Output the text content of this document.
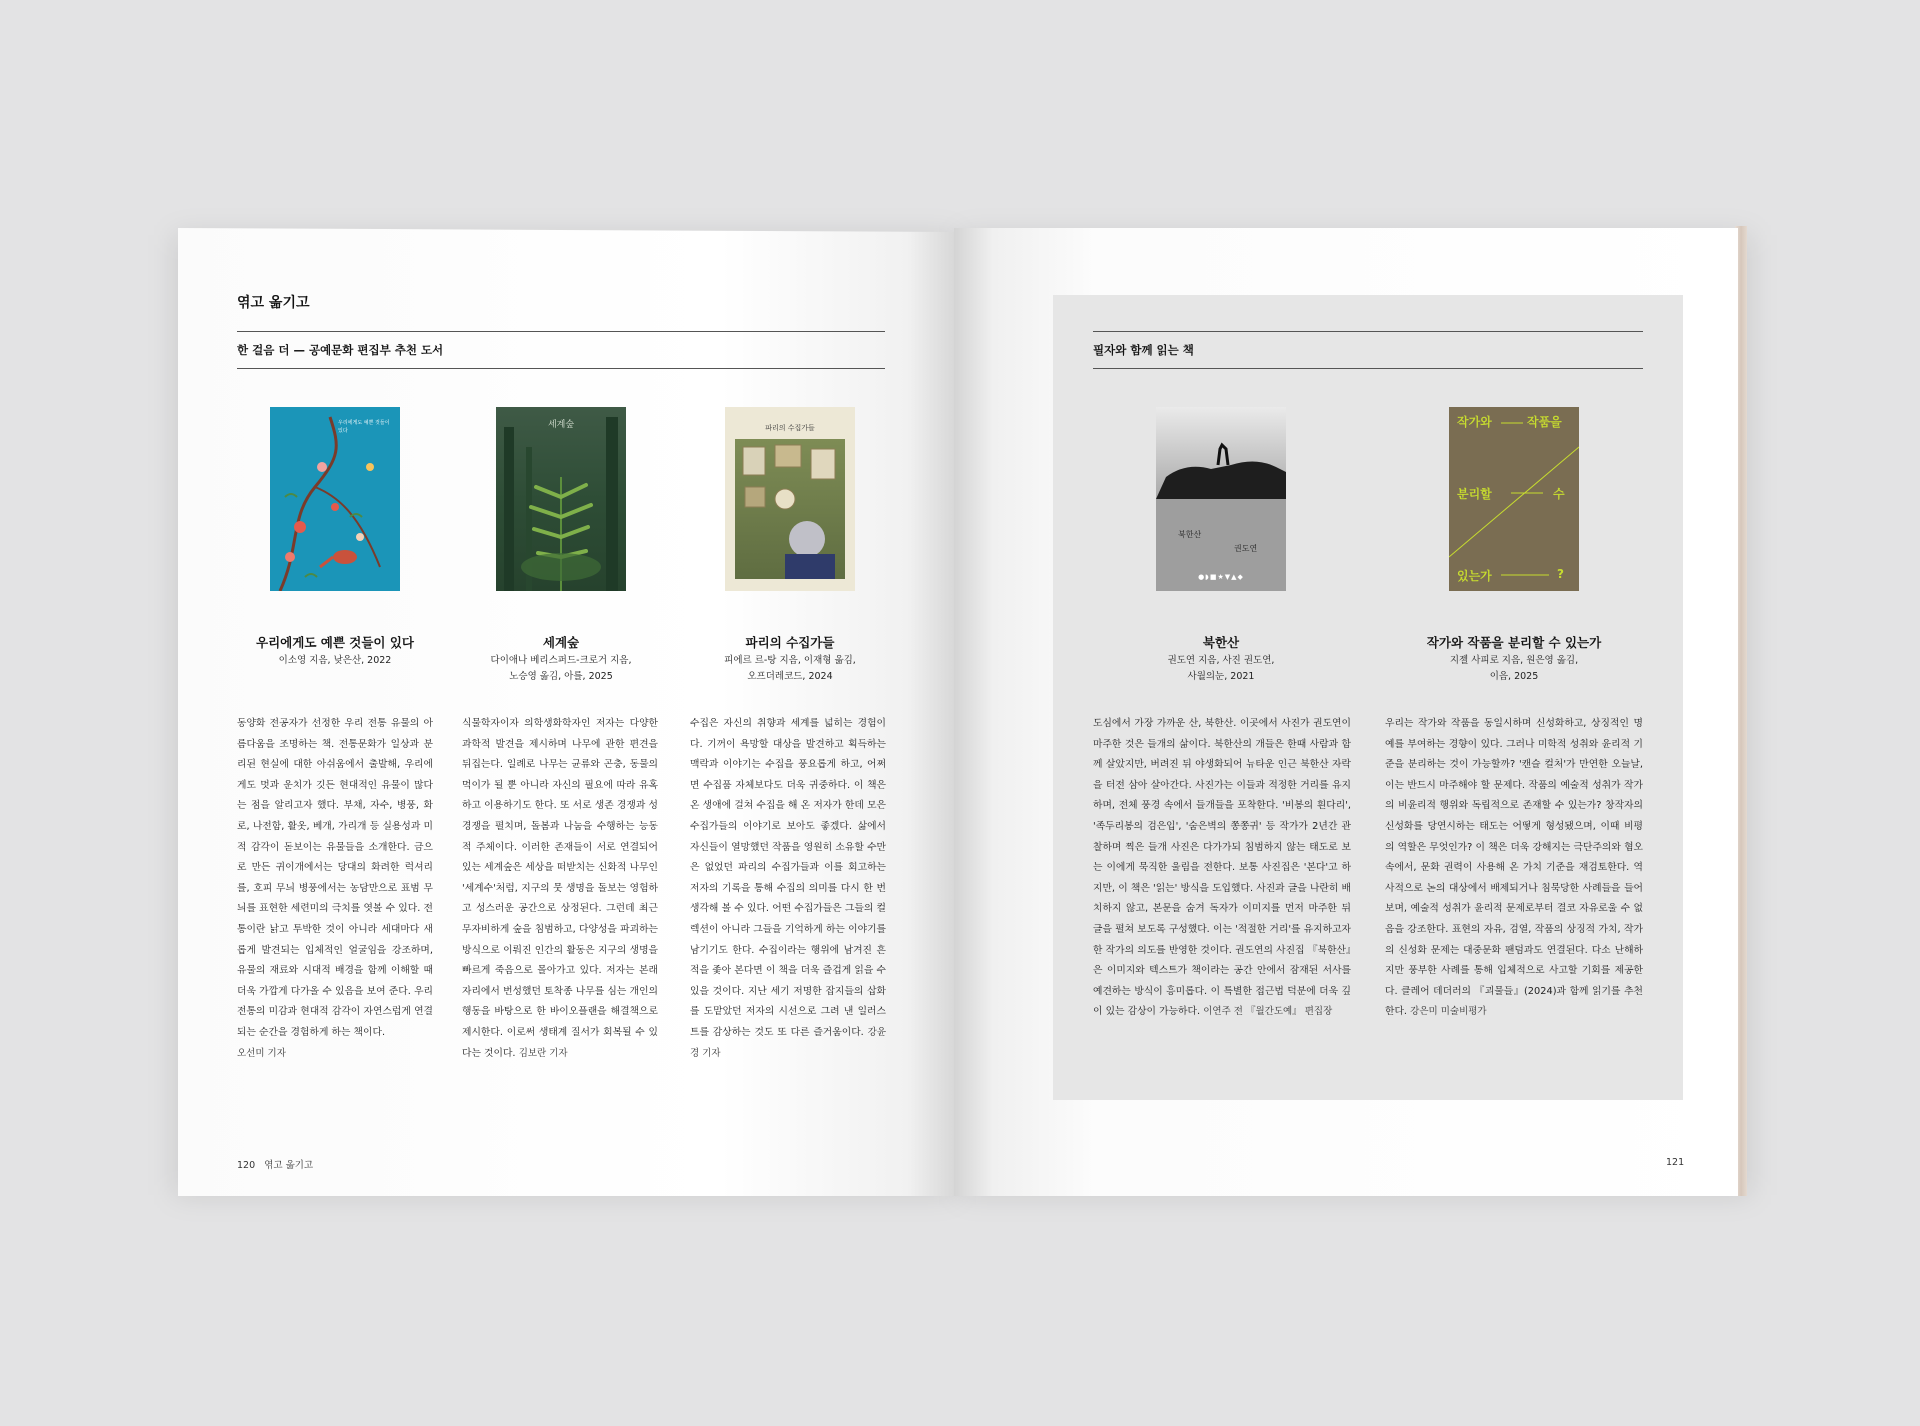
엮고 옮기고
한 걸음 더 — 공예문화 편집부 추천 도서
우리에게도 예쁜 것들이 있다
세계숲	파리의 수집가들
우리에게도 예쁜 것들이 있다
이소영 지음, 낮은산, 2022
세계숲
다이애나 베리스퍼드-크로거 지음,
노승영 옮김, 아를, 2025
파리의 수집가들
피에르 르-탕 지음, 이재형 옮김,
오프더레코드, 2024
동양화 전공자가 선정한 우리 전통 유물의 아름다움을 조명하는 책. 전통문화가 일상과 분리된 현실에 대한 아쉬움에서 출발해, 우리에게도 멋과 운치가 깃든 현대적인 유물이 많다는 점을 알리고자 했다. 부채, 자수, 병풍, 화로, 나전함, 활옷, 베개, 가리개 등 실용성과 미적 감각이 돋보이는 유물들을 소개한다. 금으로 만든 귀이개에서는 당대의 화려한 럭셔리를, 호피 무늬 병풍에서는 농담만으로 표범 무늬를 표현한 세련미의 극치를 엿볼 수 있다. 전통이란 낡고 투박한 것이 아니라 세대마다 새롭게 발견되는 입체적인 얼굴임을 강조하며, 유물의 재료와 시대적 배경을 함께 이해할 때 더욱 가깝게 다가올 수 있음을 보여 준다. 우리 전통의 미감과 현대적 감각이 자연스럽게 연결되는 순간을 경험하게 하는 책이다.
오선미 기자
식물학자이자 의학생화학자인 저자는 다양한 과학적 발견을 제시하며 나무에 관한 편견을 뒤집는다. 일례로 나무는 균류와 곤충, 동물의 먹이가 될 뿐 아니라 자신의 필요에 따라 유혹하고 이용하기도 한다. 또 서로 생존 경쟁과 성 경쟁을 펼치며, 돌봄과 나눔을 수행하는 능동적 주체이다. 이러한 존재들이 서로 연결되어 있는 세계숲은 세상을 떠받치는 신화적 나무인 '세계수'처럼, 지구의 뭇 생명을 돌보는 영험하고 성스러운 공간으로 상정된다. 그런데 최근 무자비하게 숲을 침범하고, 다양성을 파괴하는 방식으로 이뤄진 인간의 활동은 지구의 생명을 빠르게 죽음으로 몰아가고 있다. 저자는 본래 자리에서 번성했던 토착종 나무를 심는 개인의 행동을 바탕으로 한 바이오플랜을 해결책으로 제시한다. 이로써 생태계 질서가 회복될 수 있다는 것이다. 김보란 기자
수집은 자신의 취향과 세계를 넓히는 경험이다. 기꺼이 욕망할 대상을 발견하고 획득하는 맥락과 이야기는 수집을 풍요롭게 하고, 어쩌면 수집품 자체보다도 더욱 귀중하다. 이 책은 온 생애에 걸쳐 수집을 해 온 저자가 한데 모은 수집가들의 이야기로 보아도 좋겠다. 삶에서 자신들이 열망했던 작품을 영원히 소유할 수만은 없었던 파리의 수집가들과 이를 회고하는 저자의 기록을 통해 수집의 의미를 다시 한 번 생각해 볼 수 있다. 어떤 수집가들은 그들의 컬렉션이 아니라 그들을 기억하게 하는 이야기를 남기기도 한다. 수집이라는 행위에 남겨진 흔적을 좇아 본다면 이 책을 더욱 즐겁게 읽을 수 있을 것이다. 지난 세기 저명한 잡지들의 삽화를 도맡았던 저자의 시선으로 그려 낸 일러스트를 감상하는 것도 또 다른 즐거움이다. 강윤경 기자
120 엮고 옮기고
필자와 함께 읽는 책
북한산
권도연
●◗■★▼▲◆
작가와	작품을
분리할	수
있는가	?
북한산
권도연 지음, 사진 권도연,
사월의눈, 2021
작가와 작품을 분리할 수 있는가
지젤 사피로 지음, 원은영 옮김,
이음, 2025
도심에서 가장 가까운 산, 북한산. 이곳에서 사진가 권도연이 마주한 것은 들개의 삶이다. 북한산의 개들은 한때 사람과 함께 살았지만, 버려진 뒤 야생화되어 뉴타운 인근 북한산 자락을 터전 삼아 살아간다. 사진가는 이들과 적정한 거리를 유지하며, 전체 풍경 속에서 들개들을 포착한다. '비봉의 흰다리', '족두리봉의 검은입', '숨은벽의 쫑쫑귀' 등 작가가 2년간 관찰하며 찍은 들개 사진은 다가가되 침범하지 않는 태도로 보는 이에게 묵직한 울림을 전한다. 보통 사진집은 '본다'고 하지만, 이 책은 '읽는' 방식을 도입했다. 사진과 글을 나란히 배치하지 않고, 본문을 숨겨 독자가 이미지를 먼저 마주한 뒤 글을 펼쳐 보도록 구성했다. 이는 '적절한 거리'를 유지하고자 한 작가의 의도를 반영한 것이다. 권도연의 사진집 『북한산』은 이미지와 텍스트가 책이라는 공간 안에서 잠재된 서사를 예견하는 방식이 흥미롭다. 이 특별한 접근법 덕분에 더욱 깊이 있는 감상이 가능하다. 이연주 전 『월간도예』 편집장
우리는 작가와 작품을 동일시하며 신성화하고, 상징적인 명예를 부여하는 경향이 있다. 그러나 미학적 성취와 윤리적 기준을 분리하는 것이 가능할까? '캔슬 컬처'가 만연한 오늘날, 이는 반드시 마주해야 할 문제다. 작품의 예술적 성취가 작가의 비윤리적 행위와 독립적으로 존재할 수 있는가? 창작자의 신성화를 당연시하는 태도는 어떻게 형성됐으며, 이때 비평의 역할은 무엇인가? 이 책은 더욱 강해지는 극단주의와 혐오 속에서, 문화 권력이 사용해 온 가치 기준을 재검토한다. 역사적으로 논의 대상에서 배제되거나 침묵당한 사례들을 들어보며, 예술적 성취가 윤리적 문제로부터 결코 자유로울 수 없음을 강조한다. 표현의 자유, 검열, 작품의 상징적 가치, 작가의 신성화 문제는 대중문화 팬덤과도 연결된다. 다소 난해하지만 풍부한 사례를 통해 입체적으로 사고할 기회를 제공한다. 클레어 데더러의 『괴물들』(2024)과 함께 읽기를 추천한다. 강은미 미술비평가
121
